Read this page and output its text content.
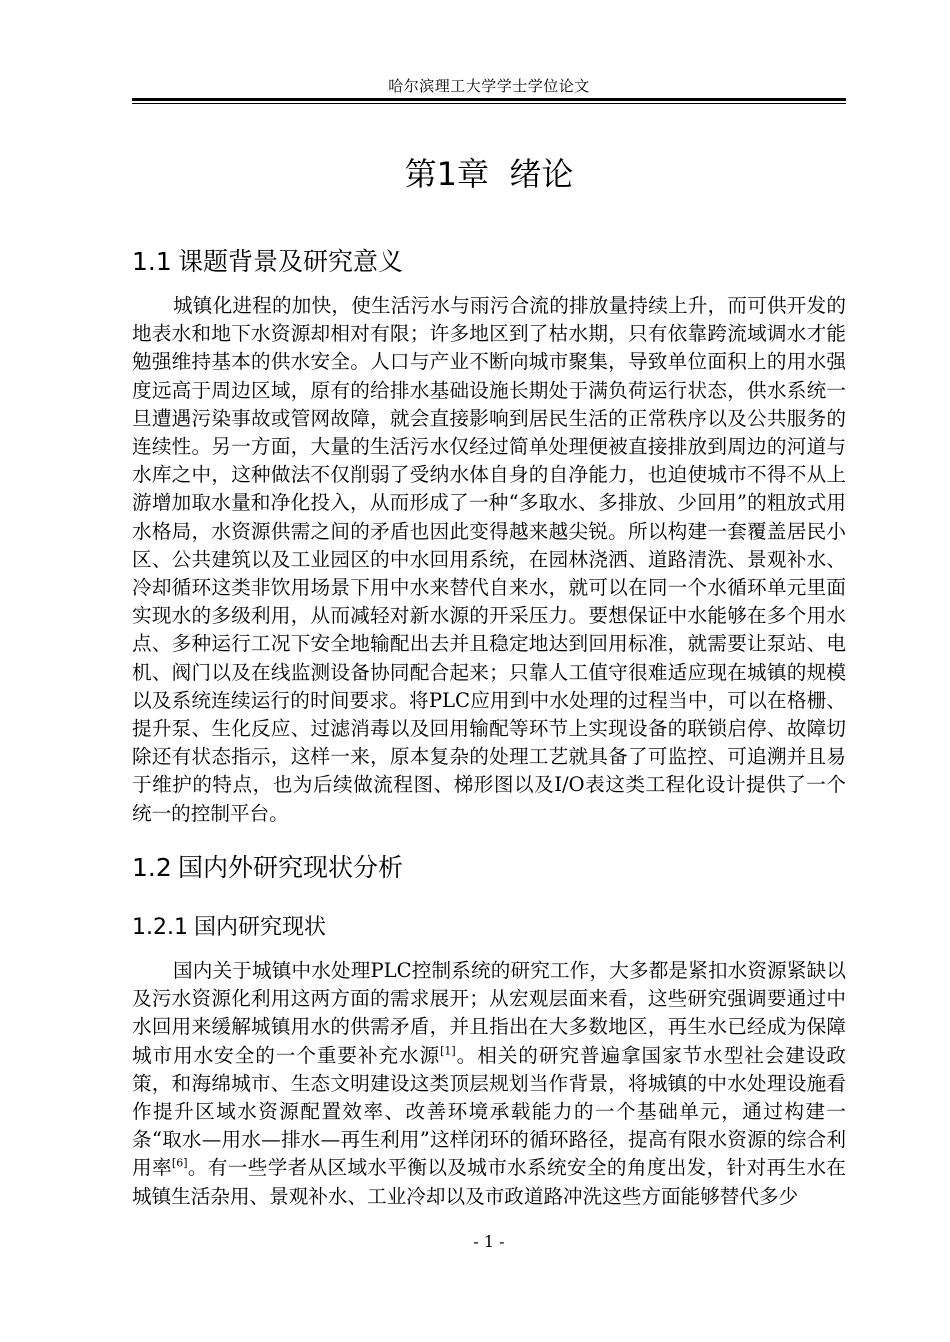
哈尔滨理工大学学士学位论文
第1章 绪论
1.1 课题背景及研究意义

城镇化进程的加快，使生活污水与雨污合流的排放量持续上升，而可供开发的地表水和地下水资源却相对有限；许多地区到了枯水期，只有依靠跨流域调水才能勉强维持基本的供水安全。人口与产业不断向城市聚集，导致单位面积上的用水强度远高于周边区域，原有的给排水基础设施长期处于满负荷运行状态，供水系统一旦遭遇污染事故或管网故障，就会直接影响到居民生活的正常秩序以及公共服务的连续性。另一方面，大量的生活污水仅经过简单处理便被直接排放到周边的河道与水库之中，这种做法不仅削弱了受纳水体自身的自净能力，也迫使城市不得不从上游增加取水量和净化投入，从而形成了一种“多取水、多排放、少回用”的粗放式用水格局，水资源供需之间的矛盾也因此变得越来越尖锐。所以构建一套覆盖居民小区、公共建筑以及工业园区的中水回用系统，在园林浇洒、道路清洗、景观补水、冷却循环这类非饮用场景下用中水来替代自来水，就可以在同一个水循环单元里面实现水的多级利用，从而减轻对新水源的开采压力。要想保证中水能够在多个用水点、多种运行工况下安全地输配出去并且稳定地达到回用标准，就需要让泵站、电机、阀门以及在线监测设备协同配合起来；只靠人工值守很难适应现在城镇的规模以及系统连续运行的时间要求。将PLC应用到中水处理的过程当中，可以在格栅、提升泵、生化反应、过滤消毒以及回用输配等环节上实现设备的联锁启停、故障切除还有状态指示，这样一来，原本复杂的处理工艺就具备了可监控、可追溯并且易于维护的特点，也为后续做流程图、梯形图以及I/O表这类工程化设计提供了一个统一的控制平台。

1.2 国内外研究现状分析
1.2.1 国内研究现状

国内关于城镇中水处理PLC控制系统的研究工作，大多都是紧扣水资源紧缺以及污水资源化利用这两方面的需求展开；从宏观层面来看，这些研究强调要通过中水回用来缓解城镇用水的供需矛盾，并且指出在大多数地区，再生水已经成为保障城市用水安全的一个重要补充水源[1]。相关的研究普遍拿国家节水型社会建设政策，和海绵城市、生态文明建设这类顶层规划当作背景，将城镇的中水处理设施看作提升区域水资源配置效率、改善环境承载能力的一个基础单元，通过构建一条“取水—用水—排水—再生利用”这样闭环的循环路径，提高有限水资源的综合利用率[6]。有一些学者从区域水平衡以及城市水系统安全的角度出发，针对再生水在城镇生活杂用、景观补水、工业冷却以及市政道路冲洗这些方面能够替代多少

- 1 -
